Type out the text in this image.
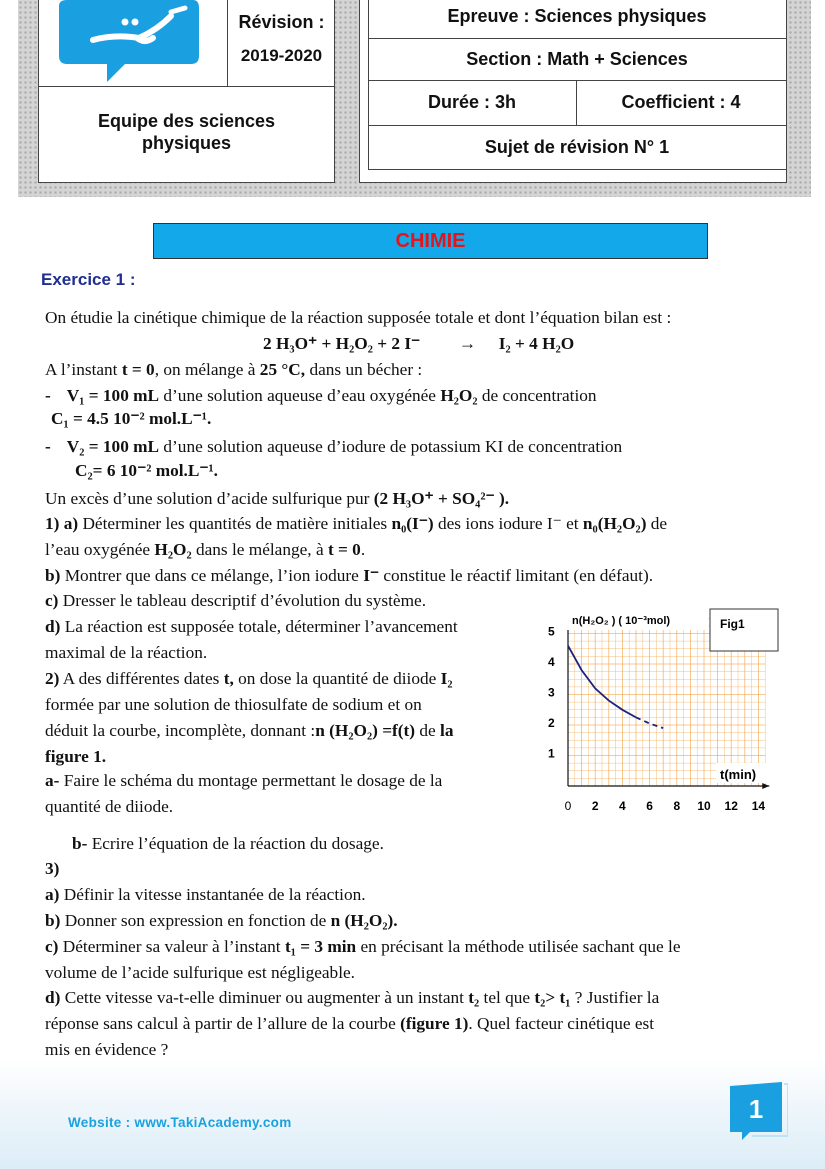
Révision :
2019-2020
Equipe des sciences
physiques
Epreuve : Sciences physiques
Section : Math + Sciences
Durée : 3h	Coefficient : 4
Sujet de révision N° 1
CHIMIE
Exercice 1 :
On étudie la cinétique chimique de la réaction supposée totale et dont l’équation bilan est :
2 H₃O⁺ + H₂O₂ + 2 I⁻ → I₂ + 4 H₂O
A l’instant t = 0, on mélange à 25 °C, dans un bécher :
- V₁ = 100 mL d’une solution aqueuse d’eau oxygénée H₂O₂ de concentration
C₁ = 4.5 10⁻² mol.L⁻¹.
- V₂ = 100 mL d’une solution aqueuse d’iodure de potassium KI de concentration
C₂= 6 10⁻² mol.L⁻¹.
Un excès d’une solution d’acide sulfurique pur (2 H₃O⁺ + SO₄²⁻ ).
1) a) Déterminer les quantités de matière initiales n₀(I⁻) des ions iodure I⁻ et n₀(H₂O₂) de
l’eau oxygénée H₂O₂ dans le mélange, à t = 0.
b) Montrer que dans ce mélange, l’ion iodure I⁻ constitue le réactif limitant (en défaut).
c) Dresser le tableau descriptif d’évolution du système.
d) La réaction est supposée totale, déterminer l’avancement
maximal de la réaction.
2) A des différentes dates t, on dose la quantité de diiode I₂
formée par une solution de thiosulfate de sodium et on
déduit la courbe, incomplète, donnant :n (H₂O₂) =f(t) de la
figure 1.
a- Faire le schéma du montage permettant le dosage de la
quantité de diiode.
b- Ecrire l’équation de la réaction du dosage.
3)
a) Définir la vitesse instantanée de la réaction.
b) Donner son expression en fonction de n (H₂O₂).
c) Déterminer sa valeur à l’instant t₁ = 3 min en précisant la méthode utilisée sachant que le
volume de l’acide sulfurique est négligeable.
d) Cette vitesse va-t-elle diminuer ou augmenter à un instant t₂ tel que t₂> t₁ ? Justifier la
réponse sans calcul à partir de l’allure de la courbe (figure 1). Quel facteur cinétique est
mis en évidence ?
0 2 4 6 8 10 12 14
1
2
3
4
5
Fig1
n(H₂O₂ ) ( 10⁻³mol)
t(min)
Website : www.TakiAcademy.com	1
